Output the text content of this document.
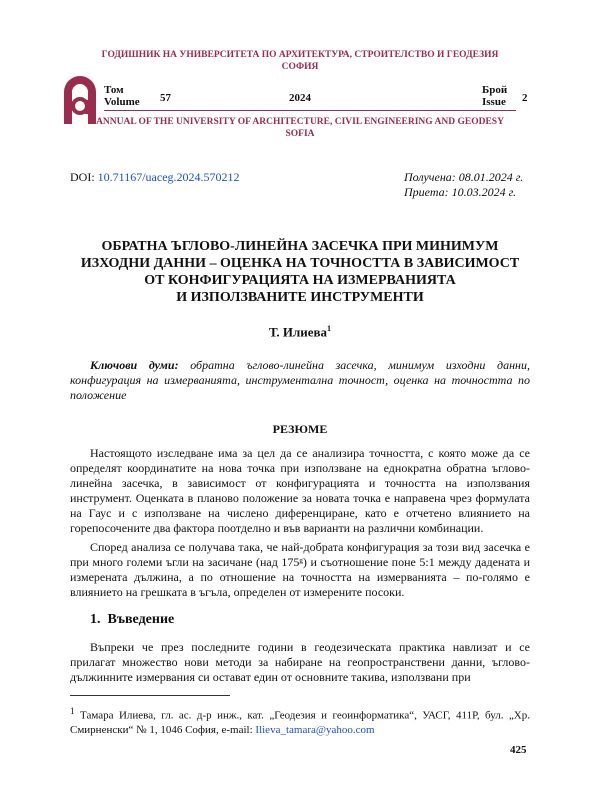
ГОДИШНИК НА УНИВЕРСИТЕТА ПО АРХИТЕКТУРА, СТРОИТЕЛСТВО И ГЕОДЕЗИЯ
СОФИЯ
Том
Volume 57	2024
Брой
Issue 2
ANNUAL OF THE UNIVERSITY OF ARCHITECTURE, CIVIL ENGINEERING AND GEODESY
SOFIA
DOI: 10.71167/uaceg.2024.570212	Получена: 08.01.2024 г.
Приета: 10.03.2024 г.
ОБРАТНА ЪГЛОВО-ЛИНЕЙНА ЗАСЕЧКА ПРИ МИНИМУМ
ИЗХОДНИ ДАННИ – ОЦЕНКА НА ТОЧНОСТТА В ЗАВИСИМОСТ
ОТ КОНФИГУРАЦИЯТА НА ИЗМЕРВАНИЯТА
И ИЗПОЛЗВАНИТЕ ИНСТРУМЕНТИ
Т. Илиева$^1$
Ключови думи: обратна ъглово-линейна засечка, минимум изходни данни, конфигурация на измерванията, инструментална точност, оценка на точността по положение
РЕЗЮМЕ
Настоящото изследване има за цел да се анализира точността, с която може да се определят координатите на нова точка при използване на еднократна обратна ъглово-линейна засечка, в зависимост от конфигурацията и точността на използвания инструмент. Оценката в планово положение за новата точка е направена чрез формулата на Гаус и с използване на числено диференциране, като е отчетено влиянието на горепосочените два фактора поотделно и във варианти на различни комбинации.
Според анализа се получава така, че най-добрата конфигурация за този вид засечка е при много големи ъгли на засичане (над 175ᵍ) и съотношение поне 5:1 между дадената и измерената дължина, а по отношение на точността на измерванията – по-голямо е влиянието на грешката в ъгъла, определен от измерените посоки.
1. Въведение
Въпреки че през последните години в геодезическата практика навлизат и се прилагат множество нови методи за набиране на геопространствени данни, ъглово-дължинните измервания си остават един от основните такива, използвани при
$^1$ Тамара Илиева, гл. ас. д-р инж., кат. „Геодезия и геоинформатика“, УАСГ, 411Р, бул. „Хр. Смирненски“ № 1, 1046 София, e-mail: Ilieva_tamara@yahoo.com
425
